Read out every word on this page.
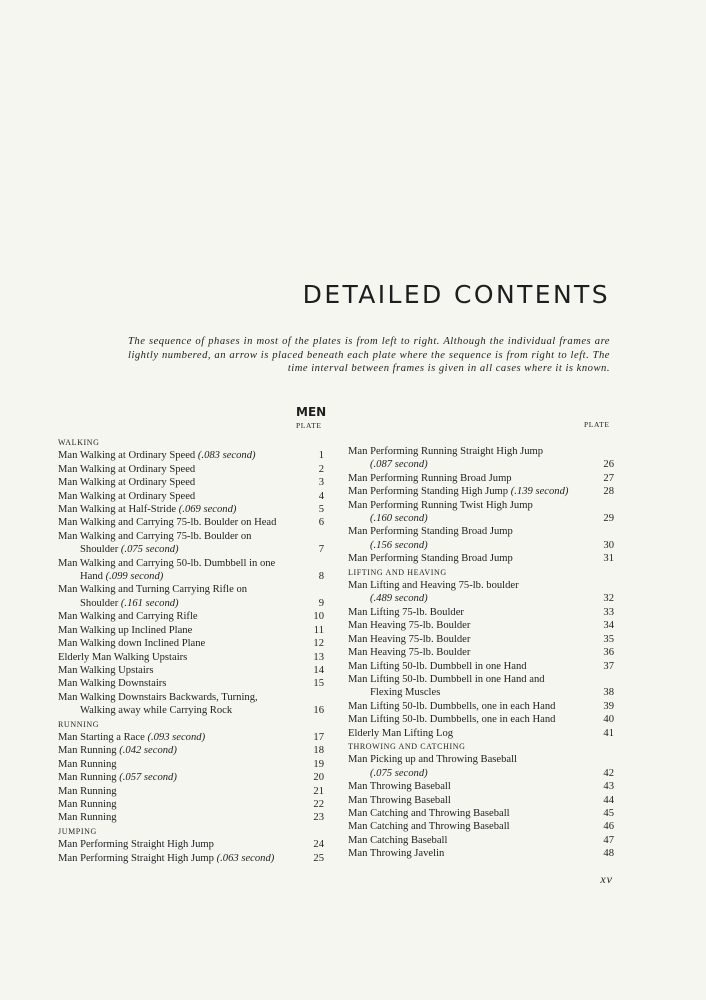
DETAILED CONTENTS

The sequence of phases in most of the plates is from left to right. Although the individual frames are lightly numbered, an arrow is placed beneath each plate where the sequence is from right to left. The time interval between frames is given in all cases where it is known.

MEN
PLATE	PLATE
WALKING
Man Walking at Ordinary Speed (.083 second)	1
Man Walking at Ordinary Speed	2
Man Walking at Ordinary Speed	3
Man Walking at Ordinary Speed	4
Man Walking at Half-Stride (.069 second)	5
Man Walking and Carrying 75-lb. Boulder on Head	6
Man Walking and Carrying 75-lb. Boulder on
Shoulder (.075 second)	7
Man Walking and Carrying 50-lb. Dumbbell in one
Hand (.099 second)	8
Man Walking and Turning Carrying Rifle on
Shoulder (.161 second)	9
Man Walking and Carrying Rifle	10
Man Walking up Inclined Plane	11
Man Walking down Inclined Plane	12
Elderly Man Walking Upstairs	13
Man Walking Upstairs	14
Man Walking Downstairs	15
Man Walking Downstairs Backwards, Turning,
Walking away while Carrying Rock	16
RUNNING
Man Starting a Race (.093 second)	17
Man Running (.042 second)	18
Man Running	19
Man Running (.057 second)	20
Man Running	21
Man Running	22
Man Running	23
JUMPING
Man Performing Straight High Jump	24
Man Performing Straight High Jump (.063 second)	25
Man Performing Running Straight High Jump
(.087 second)	26
Man Performing Running Broad Jump	27
Man Performing Standing High Jump (.139 second)	28
Man Performing Running Twist High Jump
(.160 second)	29
Man Performing Standing Broad Jump
(.156 second)	30
Man Performing Standing Broad Jump	31
LIFTING AND HEAVING
Man Lifting and Heaving 75-lb. boulder
(.489 second)	32
Man Lifting 75-lb. Boulder	33
Man Heaving 75-lb. Boulder	34
Man Heaving 75-lb. Boulder	35
Man Heaving 75-lb. Boulder	36
Man Lifting 50-lb. Dumbbell in one Hand	37
Man Lifting 50-lb. Dumbbell in one Hand and
Flexing Muscles	38
Man Lifting 50-lb. Dumbbells, one in each Hand	39
Man Lifting 50-lb. Dumbbells, one in each Hand	40
Elderly Man Lifting Log	41
THROWING AND CATCHING
Man Picking up and Throwing Baseball
(.075 second)	42
Man Throwing Baseball	43
Man Throwing Baseball	44
Man Catching and Throwing Baseball	45
Man Catching and Throwing Baseball	46
Man Catching Baseball	47
Man Throwing Javelin	48
xv
